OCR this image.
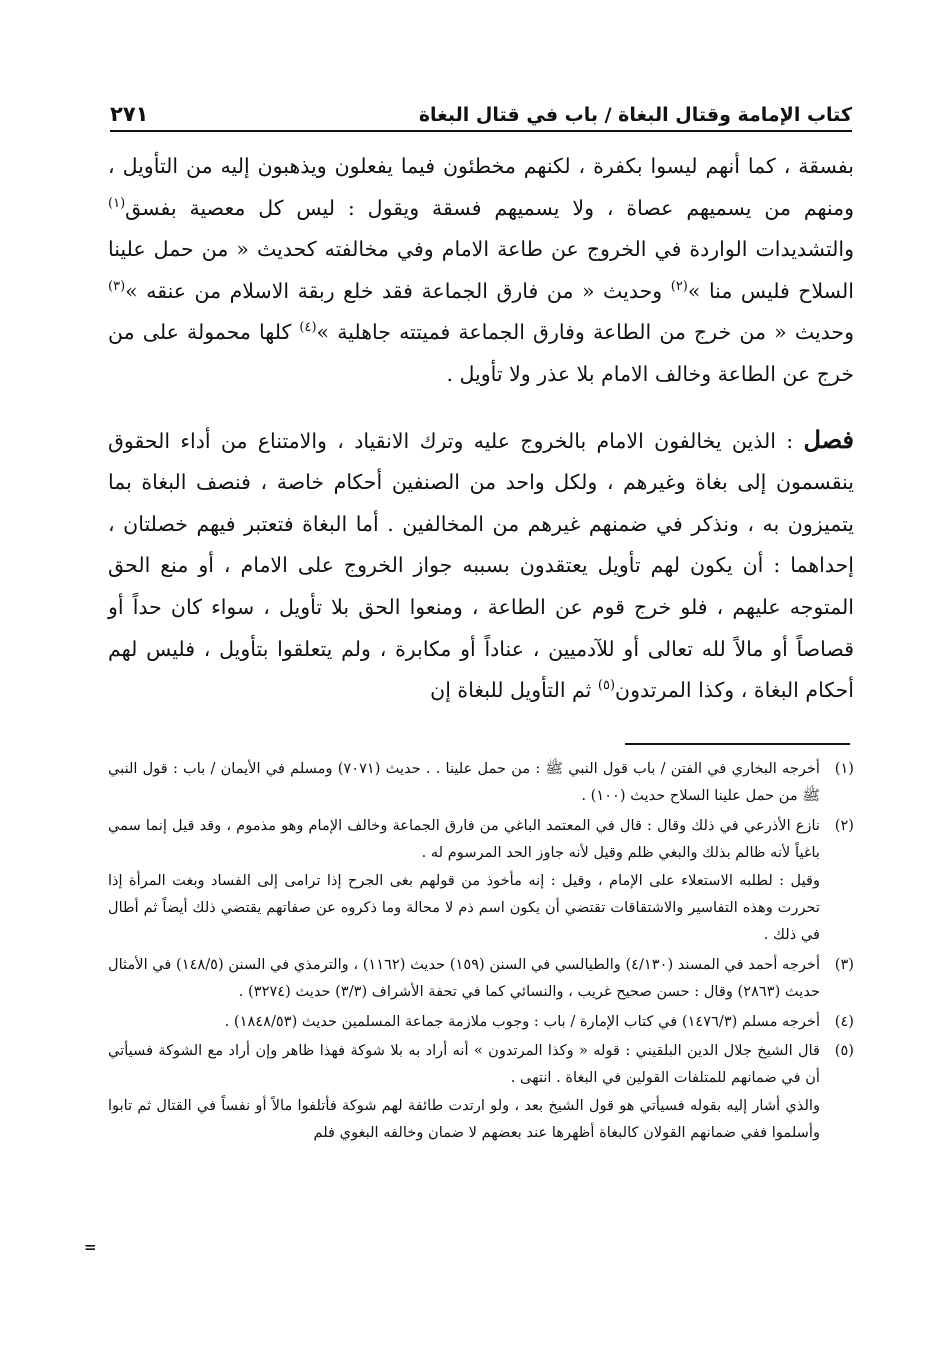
كتاب الإمامة وقتال البغاة / باب في قتال البغاة
٢٧١

بفسقة ، كما أنهم ليسوا بكفرة ، لكنهم مخطئون فيما يفعلون ويذهبون إليه من التأويل ، ومنهم من يسميهم عصاة ، ولا يسميهم فسقة ويقول : ليس كل معصية بفسق$^{(١)}$ والتشديدات الواردة في الخروج عن طاعة الامام وفي مخالفته كحديث « من حمل علينا السلاح فليس منا »$^{(٢)}$ وحديث « من فارق الجماعة فقد خلع ربقة الاسلام من عنقه »$^{(٣)}$ وحديث « من خرج من الطاعة وفارق الجماعة فميتته جاهلية »$^{(٤)}$ كلها محمولة على من خرج عن الطاعة وخالف الامام بلا عذر ولا تأويل .

فصل : الذين يخالفون الامام بالخروج عليه وترك الانقياد ، والامتناع من أداء الحقوق ينقسمون إلى بغاة وغيرهم ، ولكل واحد من الصنفين أحكام خاصة ، فنصف البغاة بما يتميزون به ، ونذكر في ضمنهم غيرهم من المخالفين . أما البغاة فتعتبر فيهم خصلتان ، إحداهما : أن يكون لهم تأويل يعتقدون بسببه جواز الخروج على الامام ، أو منع الحق المتوجه عليهم ، فلو خرج قوم عن الطاعة ، ومنعوا الحق بلا تأويل ، سواء كان حداً أو قصاصاً أو مالاً لله تعالى أو للآدميين ، عناداً أو مكابرة ، ولم يتعلقوا بتأويل ، فليس لهم أحكام البغاة ، وكذا المرتدون$^{(٥)}$ ثم التأويل للبغاة إن

(١)

أخرجه البخاري في الفتن / باب قول النبي ﷺ : من حمل علينا . . حديث (٧٠٧١) ومسلم في الأيمان / باب : قول النبي ﷺ من حمل علينا السلاح حديث (١٠٠) .

(٢)

نازع الأذرعي في ذلك وقال : قال في المعتمد الباغي من فارق الجماعة وخالف الإمام وهو مذموم ، وقد قيل إنما سمي باغياً لأنه ظالم بذلك والبغي ظلم وقيل لأنه جاوز الحد المرسوم له .

وقيل : لطلبه الاستعلاء على الإمام ، وقيل : إنه مأخوذ من قولهم بغى الجرح إذا ترامى إلى الفساد وبغت المرأة إذا تحررت وهذه التفاسير والاشتقاقات تقتضي أن يكون اسم ذم لا محالة وما ذكروه عن صفاتهم يقتضي ذلك أيضاً ثم أطال في ذلك .

(٣)

أخرجه أحمد في المسند (٤/١٣٠) والطيالسي في السنن (١٥٩) حديث (١١٦٢) ، والترمذي في السنن (١٤٨/٥) في الأمثال حديث (٢٨٦٣) وقال : حسن صحيح غريب ، والنسائي كما في تحفة الأشراف (٣/٣) حديث (٣٢٧٤) .

(٤)

أخرجه مسلم (١٤٧٦/٣) في كتاب الإمارة / باب : وجوب ملازمة جماعة المسلمين حديث (١٨٤٨/٥٣) .

(٥)

قال الشيخ جلال الدين البلقيني : قوله « وكذا المرتدون » أنه أراد به بلا شوكة فهذا ظاهر وإن أراد مع الشوكة فسيأتي أن في ضمانهم للمتلفات القولين في البغاة . انتهى .

والذي أشار إليه بقوله فسيأتي هو قول الشيخ بعد ، ولو ارتدت طائفة لهم شوكة فأتلفوا مالاً أو نفساً في القتال ثم تابوا وأسلموا ففي ضمانهم القولان كالبغاة أظهرها عند بعضهم لا ضمان وخالفه البغوي فلم

=
